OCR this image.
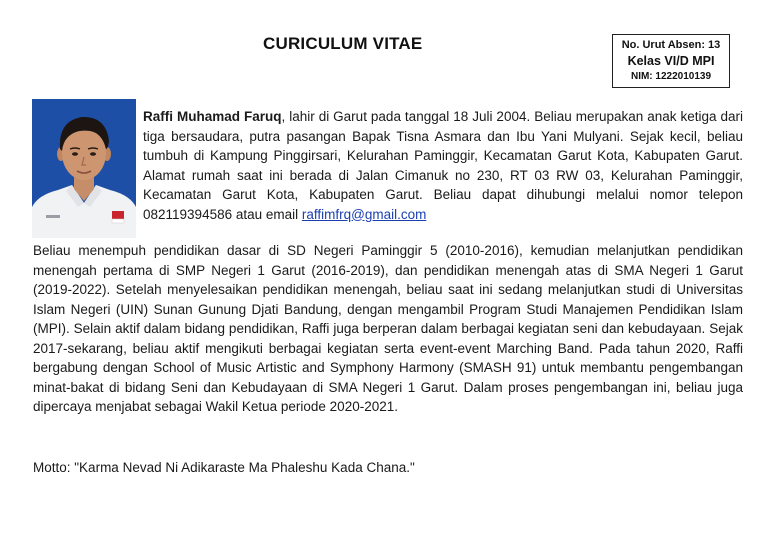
CURICULUM VITAE	No. Urut Absen: 13
Kelas VI/D MPI
NIM: 1222010139

Raffi Muhamad Faruq, lahir di Garut pada tanggal 18 Juli 2004. Beliau merupakan anak ketiga dari tiga bersaudara, putra pasangan Bapak Tisna Asmara dan Ibu Yani Mulyani. Sejak kecil, beliau tumbuh di Kampung Pinggirsari, Kelurahan Paminggir, Kecamatan Garut Kota, Kabupaten Garut. Alamat rumah saat ini berada di Jalan Cimanuk no 230, RT 03 RW 03, Kelurahan Paminggir, Kecamatan Garut Kota, Kabupaten Garut. Beliau dapat dihubungi melalui nomor telepon 082119394586 atau email raffimfrq@gmail.com

Beliau menempuh pendidikan dasar di SD Negeri Paminggir 5 (2010-2016), kemudian melanjutkan pendidikan menengah pertama di SMP Negeri 1 Garut (2016-2019), dan pendidikan menengah atas di SMA Negeri 1 Garut (2019-2022). Setelah menyelesaikan pendidikan menengah, beliau saat ini sedang melanjutkan studi di Universitas Islam Negeri (UIN) Sunan Gunung Djati Bandung, dengan mengambil Program Studi Manajemen Pendidikan Islam (MPI). Selain aktif dalam bidang pendidikan, Raffi juga berperan dalam berbagai kegiatan seni dan kebudayaan. Sejak 2017-sekarang, beliau aktif mengikuti berbagai kegiatan serta event-event Marching Band. Pada tahun 2020, Raffi bergabung dengan School of Music Artistic and Symphony Harmony (SMASH 91) untuk membantu pengembangan minat-bakat di bidang Seni dan Kebudayaan di SMA Negeri 1 Garut. Dalam proses pengembangan ini, beliau juga dipercaya menjabat sebagai Wakil Ketua periode 2020-2021.

Motto: "Karma Nevad Ni Adikaraste Ma Phaleshu Kada Chana."
